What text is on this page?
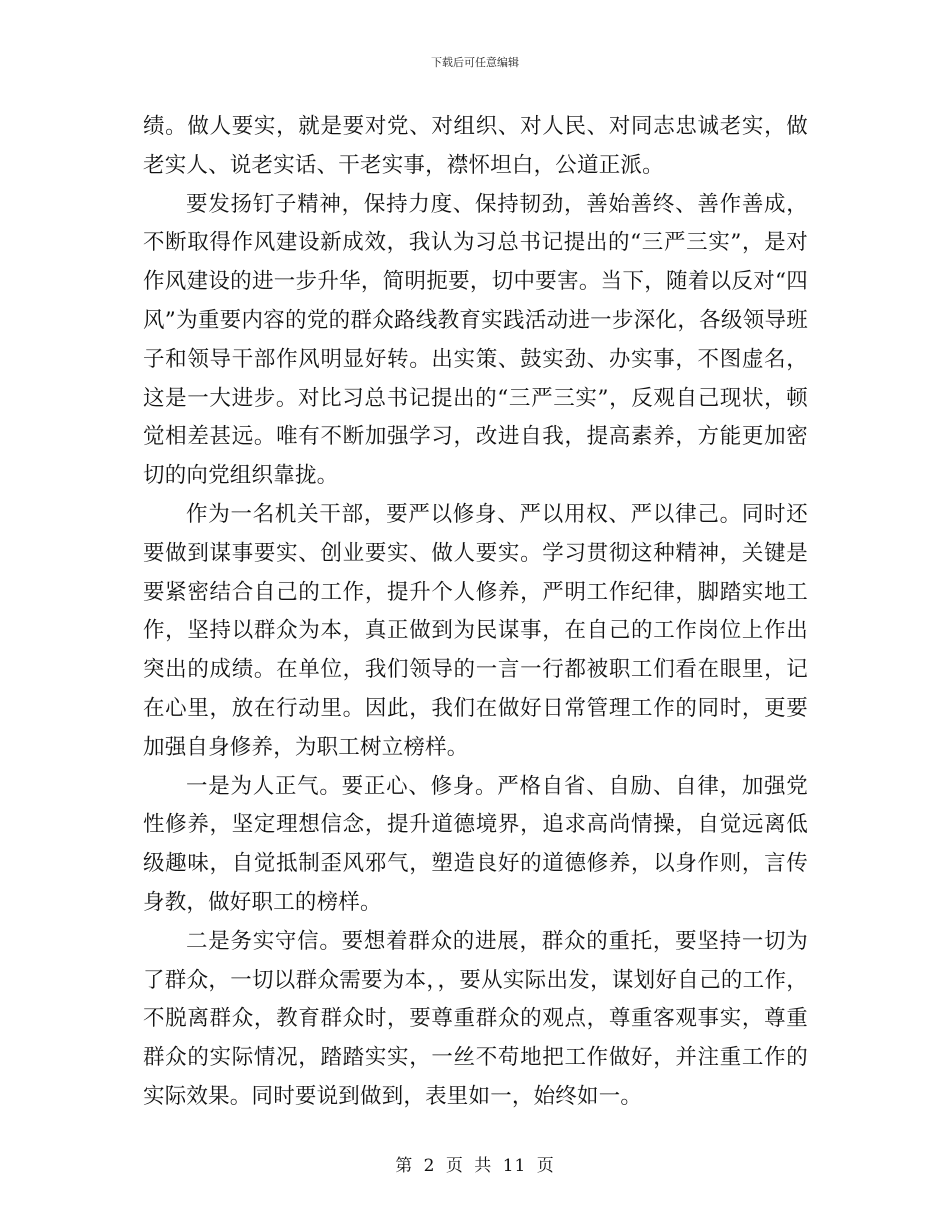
下载后可任意编辑

绩。做人要实，就是要对党、对组织、对人民、对同志忠诚老实，做老实人、说老实话、干老实事，襟怀坦白，公道正派。

要发扬钉子精神，保持力度、保持韧劲，善始善终、善作善成，不断取得作风建设新成效，我认为习总书记提出的“三严三实”，是对作风建设的进一步升华，简明扼要，切中要害。当下，随着以反对“四风”为重要内容的党的群众路线教育实践活动进一步深化，各级领导班子和领导干部作风明显好转。出实策、鼓实劲、办实事，不图虚名，这是一大进步。对比习总书记提出的“三严三实”，反观自己现状，顿觉相差甚远。唯有不断加强学习，改进自我，提高素养，方能更加密切的向党组织靠拢。

作为一名机关干部，要严以修身、严以用权、严以律己。同时还要做到谋事要实、创业要实、做人要实。学习贯彻这种精神，关键是要紧密结合自己的工作，提升个人修养，严明工作纪律，脚踏实地工作，坚持以群众为本，真正做到为民谋事，在自己的工作岗位上作出突出的成绩。在单位，我们领导的一言一行都被职工们看在眼里，记在心里，放在行动里。因此，我们在做好日常管理工作的同时，更要加强自身修养，为职工树立榜样。

一是为人正气。要正心、修身。严格自省、自励、自律，加强党性修养，坚定理想信念，提升道德境界，追求高尚情操，自觉远离低级趣味，自觉抵制歪风邪气，塑造良好的道德修养，以身作则，言传身教，做好职工的榜样。

二是务实守信。要想着群众的进展，群众的重托，要坚持一切为了群众，一切以群众需要为本，，要从实际出发，谋划好自己的工作，不脱离群众，教育群众时，要尊重群众的观点，尊重客观事实，尊重群众的实际情况，踏踏实实，一丝不苟地把工作做好，并注重工作的实际效果。同时要说到做到，表里如一，始终如一。

第 2 页 共 11 页
